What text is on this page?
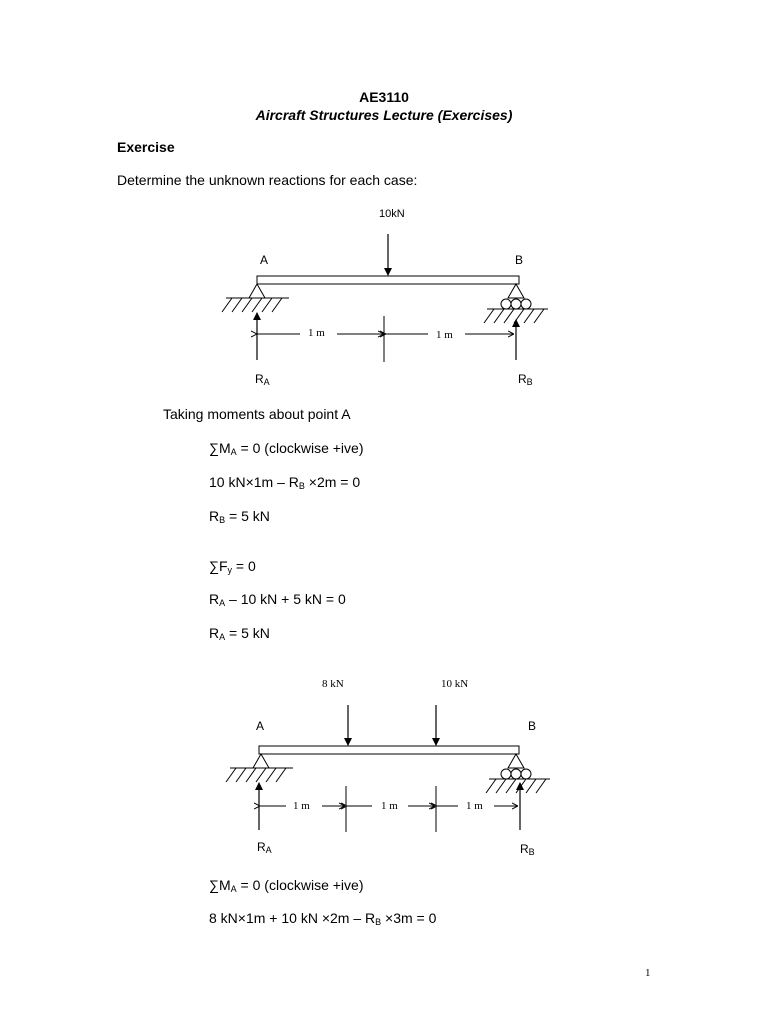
AE3110
Aircraft Structures Lecture (Exercises)
Exercise
Determine the unknown reactions for each case:
10kN
A	B
1 m	1 m
RA	RB
Taking moments about point A
∑MA = 0 (clockwise +ive)
10 kN×1m – RB ×2m = 0
RB = 5 kN
∑Fy = 0
RA – 10 kN + 5 kN = 0
RA = 5 kN
8 kN	10 kN
A	B
1 m	1 m	1 m
RA	RB
∑MA = 0 (clockwise +ive)
8 kN×1m + 10 kN ×2m – RB ×3m = 0
1
